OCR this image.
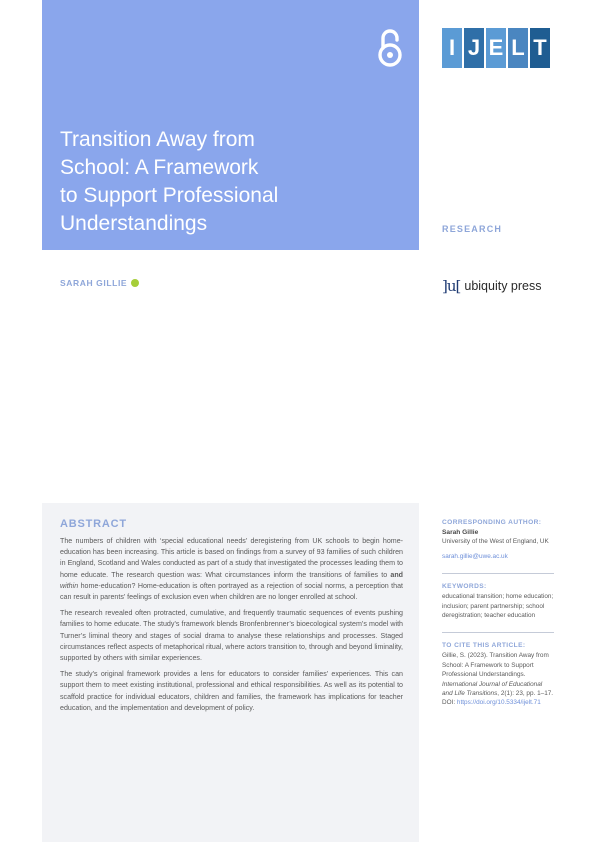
Transition Away from
School: A Framework
to Support Professional
Understandings
I J E L T
RESEARCH
SARAH GILLIE	]u[ ubiquity press
ABSTRACT

The numbers of children with ‘special educational needs’ deregistering from UK schools to begin home-education has been increasing. This article is based on findings from a survey of 93 families of such children in England, Scotland and Wales conducted as part of a study that investigated the processes leading them to home educate. The research question was: What circumstances inform the transitions of families to and within home-education? Home-education is often portrayed as a rejection of social norms, a perception that can result in parents’ feelings of exclusion even when children are no longer enrolled at school.

The research revealed often protracted, cumulative, and frequently traumatic sequences of events pushing families to home educate. The study’s framework blends Bronfenbrenner’s bioecological system’s model with Turner’s liminal theory and stages of social drama to analyse these relationships and processes. Staged circumstances reflect aspects of metaphorical ritual, where actors transition to, through and beyond liminality, supported by others with similar experiences.

The study’s original framework provides a lens for educators to consider families’ experiences. This can support them to meet existing institutional, professional and ethical responsibilities. As well as its potential to scaffold practice for individual educators, children and families, the framework has implications for teacher education, and the implementation and development of policy.

CORRESPONDING AUTHOR:
Sarah Gillie
University of the West of England, UK
sarah.gillie@uwe.ac.uk
KEYWORDS:
educational transition; home education; inclusion; parent partnership; school deregistration; teacher education
TO CITE THIS ARTICLE:
Gillie, S. (2023). Transition Away from School: A Framework to Support Professional Understandings. International Journal of Educational and Life Transitions, 2(1): 23, pp. 1–17. DOI: https://doi.org/10.5334/ijelt.71
